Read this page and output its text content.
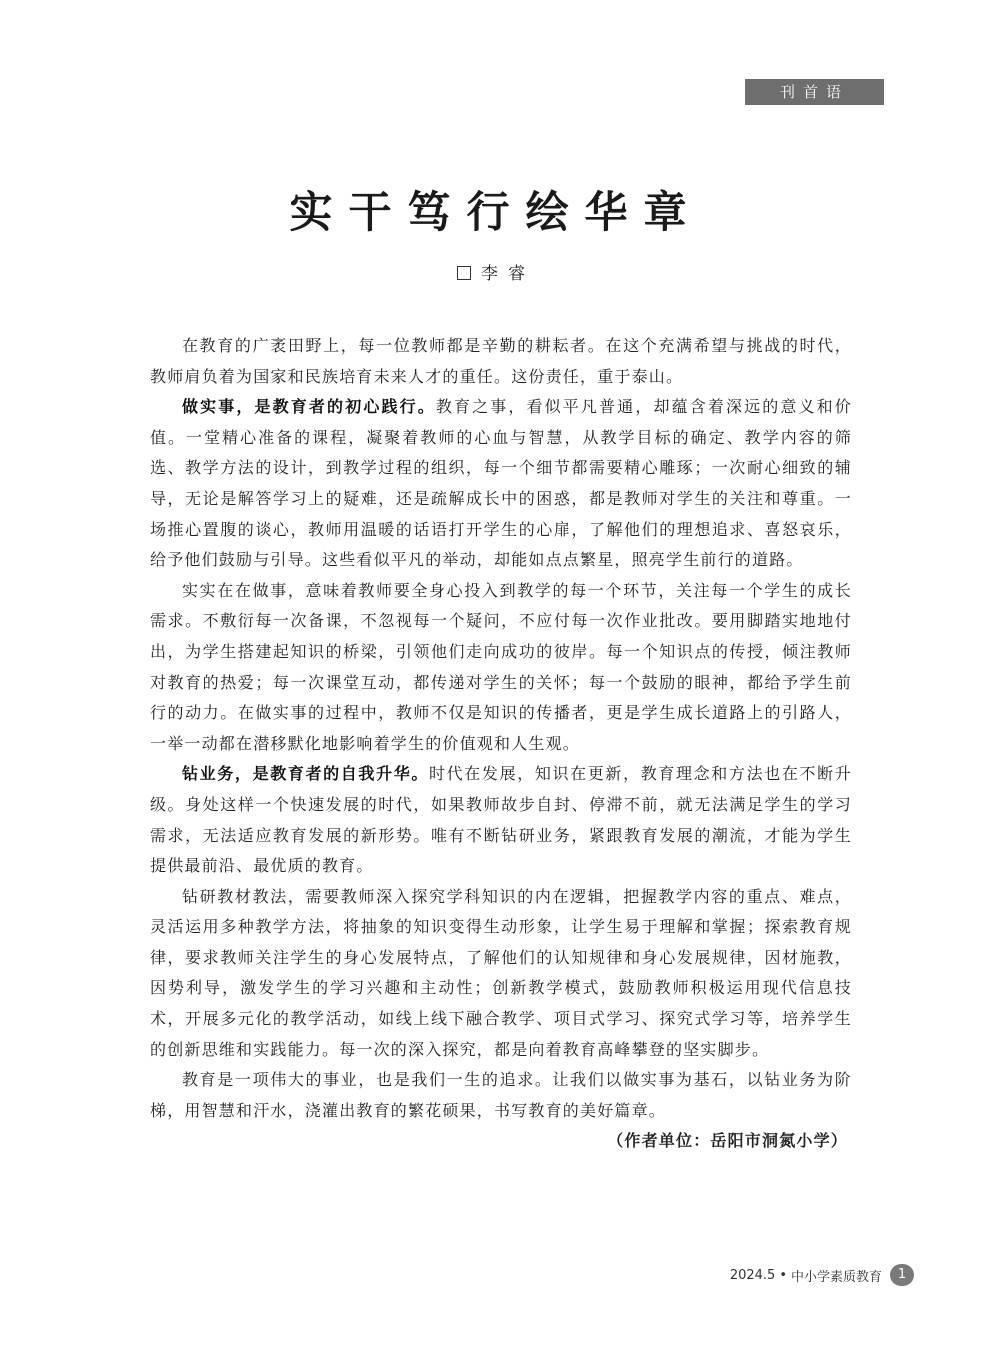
刊首语
实干笃行绘华章
李睿

在教育的广袤田野上，每一位教师都是辛勤的耕耘者。在这个充满希望与挑战的时代，教师肩负着为国家和民族培育未来人才的重任。这份责任，重于泰山。

做实事，是教育者的初心践行。教育之事，看似平凡普通，却蕴含着深远的意义和价值。一堂精心准备的课程，凝聚着教师的心血与智慧，从教学目标的确定、教学内容的筛选、教学方法的设计，到教学过程的组织，每一个细节都需要精心雕琢；一次耐心细致的辅导，无论是解答学习上的疑难，还是疏解成长中的困惑，都是教师对学生的关注和尊重。一场推心置腹的谈心，教师用温暖的话语打开学生的心扉，了解他们的理想追求、喜怒哀乐，给予他们鼓励与引导。这些看似平凡的举动，却能如点点繁星，照亮学生前行的道路。

实实在在做事，意味着教师要全身心投入到教学的每一个环节，关注每一个学生的成长需求。不敷衍每一次备课，不忽视每一个疑问，不应付每一次作业批改。要用脚踏实地地付出，为学生搭建起知识的桥梁，引领他们走向成功的彼岸。每一个知识点的传授，倾注教师对教育的热爱；每一次课堂互动，都传递对学生的关怀；每一个鼓励的眼神，都给予学生前行的动力。在做实事的过程中，教师不仅是知识的传播者，更是学生成长道路上的引路人，一举一动都在潜移默化地影响着学生的价值观和人生观。

钻业务，是教育者的自我升华。时代在发展，知识在更新，教育理念和方法也在不断升级。身处这样一个快速发展的时代，如果教师故步自封、停滞不前，就无法满足学生的学习需求，无法适应教育发展的新形势。唯有不断钻研业务，紧跟教育发展的潮流，才能为学生提供最前沿、最优质的教育。

钻研教材教法，需要教师深入探究学科知识的内在逻辑，把握教学内容的重点、难点，灵活运用多种教学方法，将抽象的知识变得生动形象，让学生易于理解和掌握；探索教育规律，要求教师关注学生的身心发展特点，了解他们的认知规律和身心发展规律，因材施教，因势利导，激发学生的学习兴趣和主动性；创新教学模式，鼓励教师积极运用现代信息技术，开展多元化的教学活动，如线上线下融合教学、项目式学习、探究式学习等，培养学生的创新思维和实践能力。每一次的深入探究，都是向着教育高峰攀登的坚实脚步。

教育是一项伟大的事业，也是我们一生的追求。让我们以做实事为基石，以钻业务为阶梯，用智慧和汗水，浇灌出教育的繁花硕果，书写教育的美好篇章。

（作者单位：岳阳市洞氮小学）

2024.5 • 中小学素质教育	1
